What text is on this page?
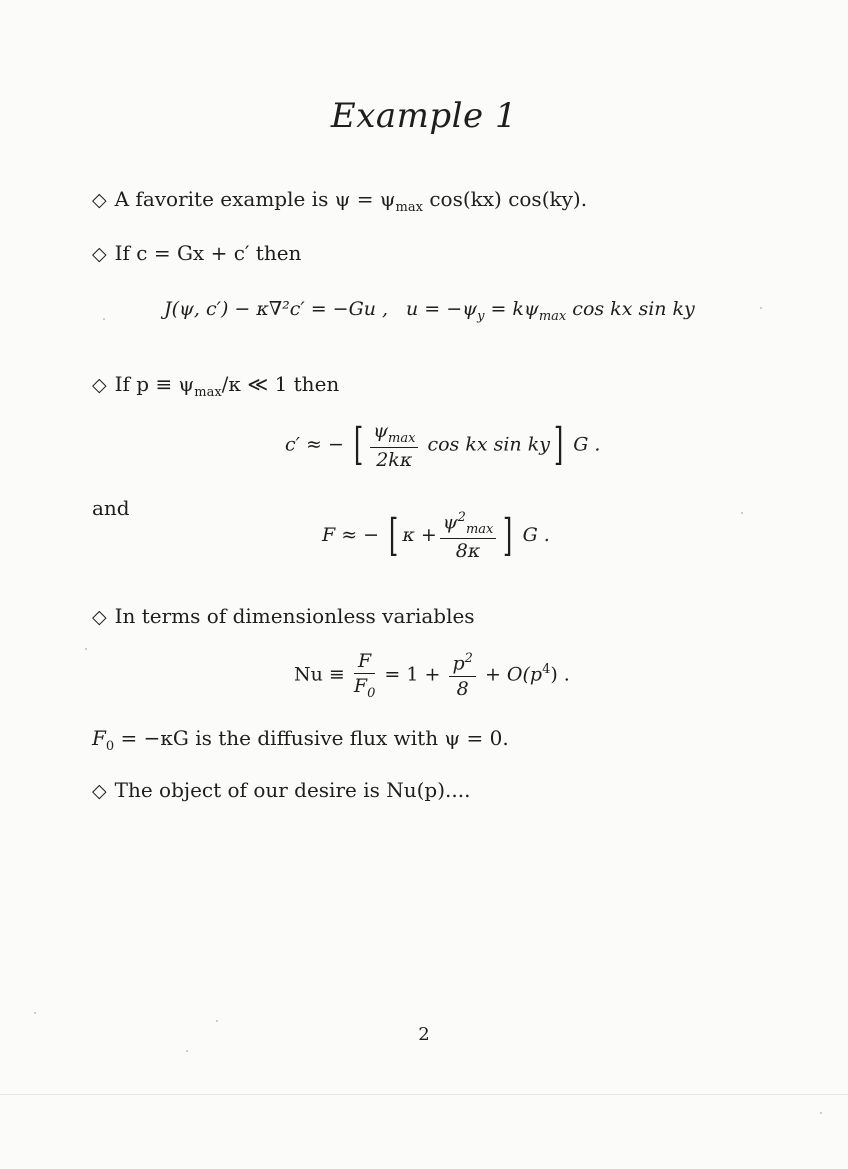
Example 1
◇ A favorite example is $\psi = \psi_{max}$ cos(kx) cos(ky).
◇ If c = Gx + c′ then
J(ψ, c′) − κ∇²c′ = −Gu , $u = -\psi_y = k\psi_{max}$ cos kx sin ky
◇ If $p \equiv \psi_{max}/\kappa$ ≪ 1 then
c′ ≈ − [ $\frac{\psi_{max}}{2k\kappa}$ cos kx sin ky] G .
and
F ≈ − [ $\kappa + \frac{\psi^2_{max}}{8\kappa}$ ] G .
◇ In terms of dimensionless variables
$Nu \equiv \frac{F}{F_0} = 1 + \frac{p^2}{8} + O(p^4)$ .
$F_0 = -\kappa G$ is the diffusive flux with ψ = 0.
◇ The object of our desire is Nu(p)....
2
